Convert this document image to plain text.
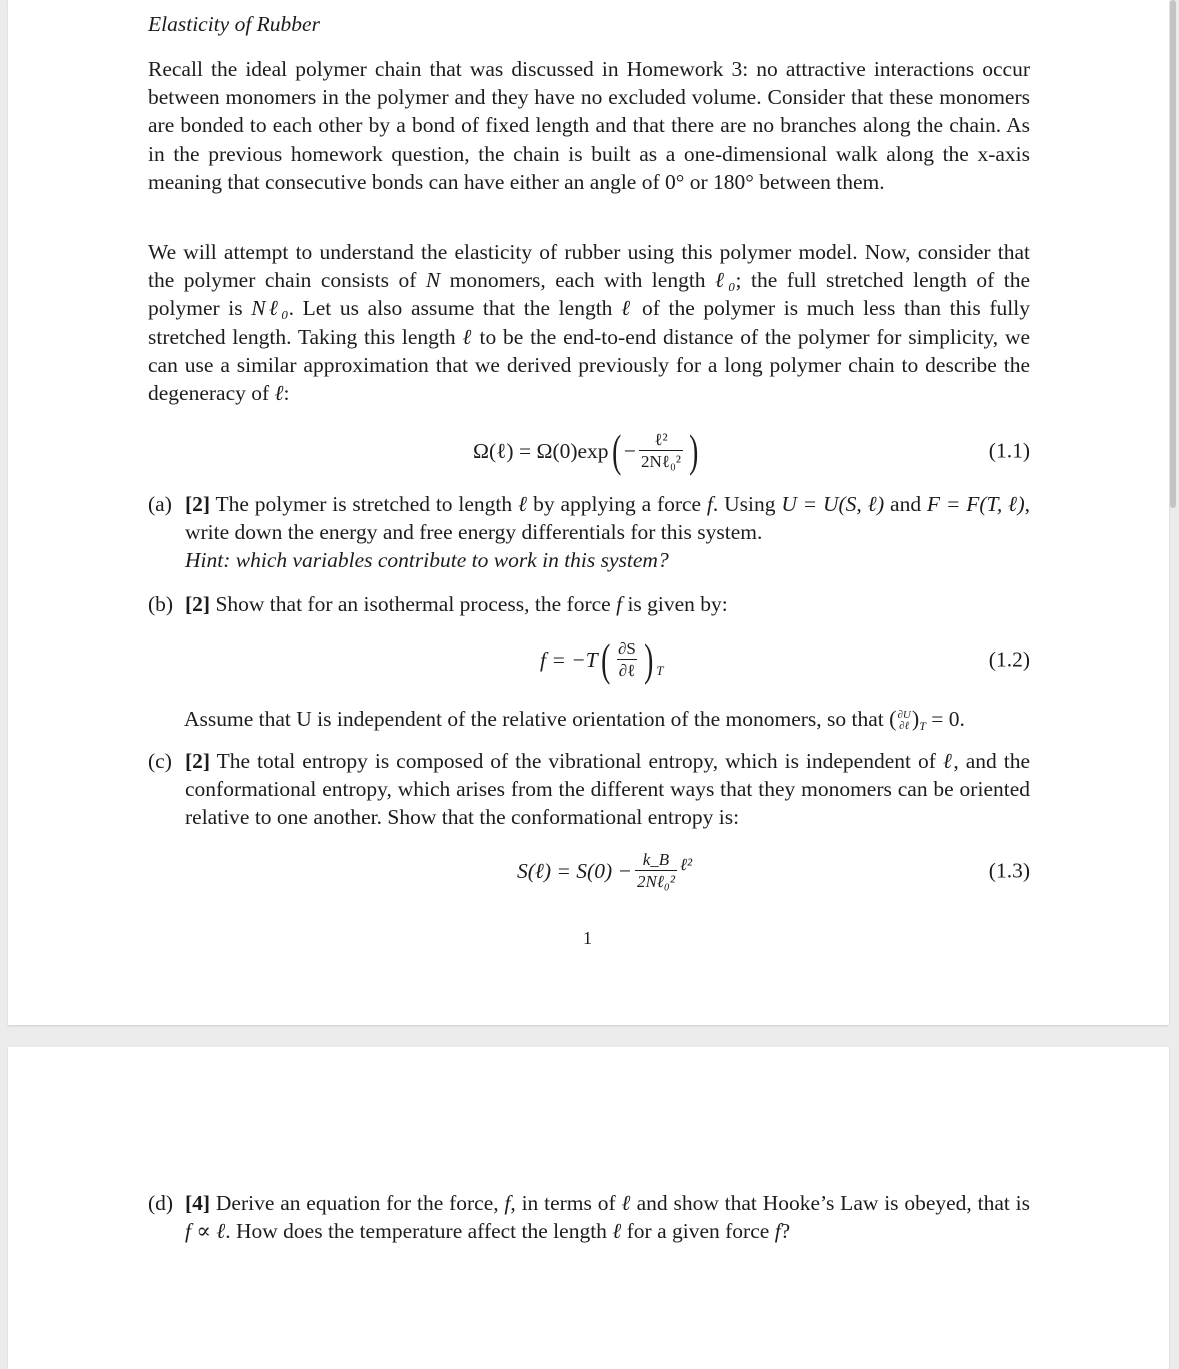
Elasticity of Rubber

Recall the ideal polymer chain that was discussed in Homework 3: no attractive interactions occur between monomers in the polymer and they have no excluded volume. Consider that these monomers are bonded to each other by a bond of fixed length and that there are no branches along the chain. As in the previous homework question, the chain is built as a one-dimensional walk along the x-axis meaning that consecutive bonds can have either an angle of 0° or 180° between them.

We will attempt to understand the elasticity of rubber using this polymer model. Now, consider that the polymer chain consists of N monomers, each with length ℓ₀; the full stretched length of the polymer is Nℓ₀. Let us also assume that the length ℓ of the polymer is much less than this fully stretched length. Taking this length ℓ to be the end-to-end distance of the polymer for simplicity, we can use a similar approximation that we derived previously for a long polymer chain to describe the degeneracy of ℓ:

Ω(ℓ) = Ω(0)exp ( − $\frac{\text{ℓ²}}{\text{2Nℓ₀²}}$ )	(1.1)
(a) [2] The polymer is stretched to length ℓ by applying a force f. Using U = U(S, ℓ) and F = F(T, ℓ), write down the energy and free energy differentials for this system.
Hint: which variables contribute to work in this system?
(b) [2] Show that for an isothermal process, the force f is given by:
f = −T ( $\frac{\partial S}{\text{∂ℓ}}$ ) T	(1.2)
Assume that U is independent of the relative orientation of the monomers, so that ( ∂U
∂ℓ )$_T = 0$.
(c) [2] The total entropy is composed of the vibrational entropy, which is independent of ℓ, and the conformational entropy, which arises from the different ways that they monomers can be oriented relative to one another. Show that the conformational entropy is:
S(ℓ) = $S(0) - \frac{k\_B}{\text{2Nℓ₀²}}$ ℓ²	(1.3)
1
(d) [4] Derive an equation for the force, f, in terms of ℓ and show that Hooke’s Law is obeyed, that is f ∝ ℓ. How does the temperature affect the length ℓ for a given force f?
